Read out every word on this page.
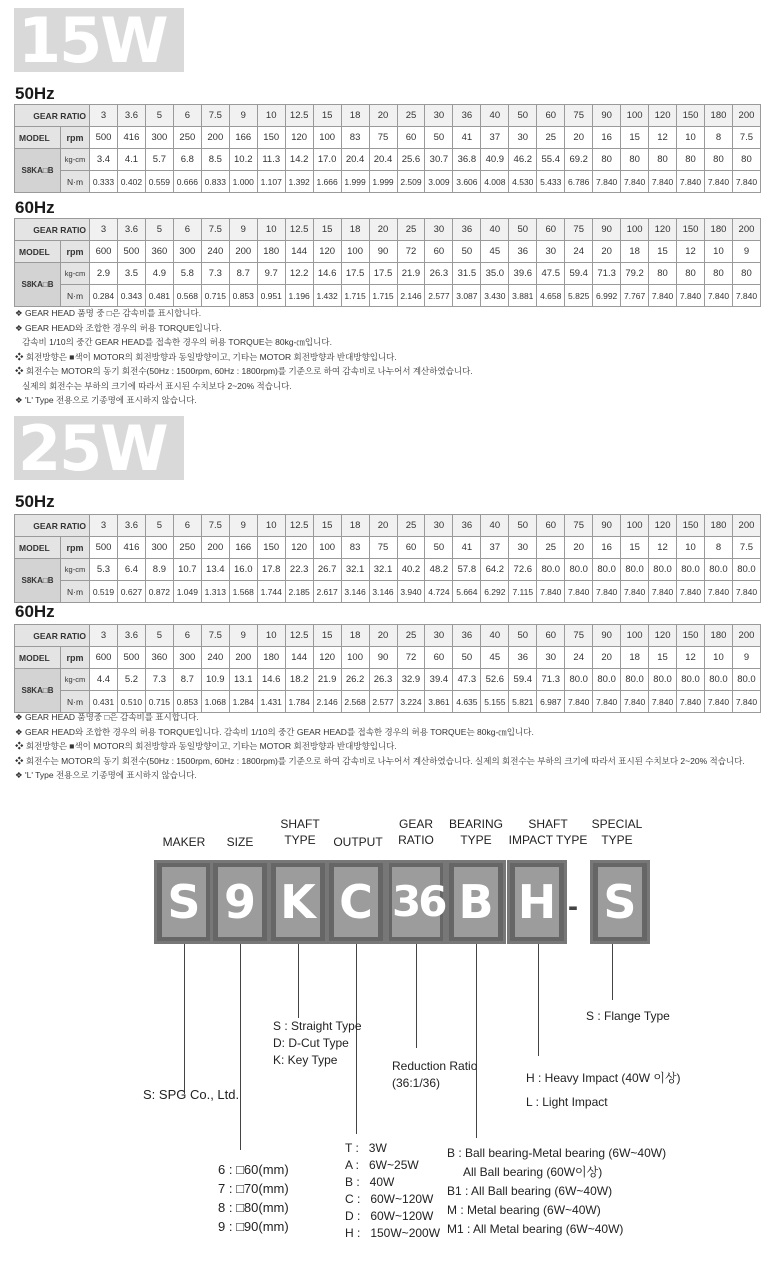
15W
50Hz
GEAR RATIO		3	3.6	5	6	7.5	9	10	12.5	15	18	20	25	30	36	40	50	60	75	90	100	120	150	180	200
MODEL	rpm	500	416	300	250	200	166	150	120	100	83	75	60	50	41	37	30	25	20	16	15	12	10	8	7.5
S8KA□B	kg-cm	3.4	4.1	5.7	6.8	8.5	10.2	11.3	14.2	17.0	20.4	20.4	25.6	30.7	36.8	40.9	46.2	55.4	69.2	80	80	80	80	80	80
	N·m	0.333	0.402	0.559	0.666	0.833	1.000	1.107	1.392	1.666	1.999	1.999	2.509	3.009	3.606	4.008	4.530	5.433	6.786	7.840	7.840	7.840	7.840	7.840	7.840
60Hz
GEAR RATIO		3	3.6	5	6	7.5	9	10	12.5	15	18	20	25	30	36	40	50	60	75	90	100	120	150	180	200
MODEL	rpm	600	500	360	300	240	200	180	144	120	100	90	72	60	50	45	36	30	24	20	18	15	12	10	9
S8KA□B	kg-cm	2.9	3.5	4.9	5.8	7.3	8.7	9.7	12.2	14.6	17.5	17.5	21.9	26.3	31.5	35.0	39.6	47.5	59.4	71.3	79.2	80	80	80	80
	N·m	0.284	0.343	0.481	0.568	0.715	0.853	0.951	1.196	1.432	1.715	1.715	2.146	2.577	3.087	3.430	3.881	4.658	5.825	6.992	7.767	7.840	7.840	7.840	7.840
❖ GEAR HEAD 품명 중 □은 감속비를 표시합니다.
❖ GEAR HEAD와 조합한 경우의 허용 TORQUE입니다.
감속비 1/10의 중간 GEAR HEAD를 접속한 경우의 허용 TORQUE는 80kg-㎝입니다.
❖ 회전방향은 ■색이 MOTOR의 회전방향과 동일방향이고, 기타는 MOTOR 회전방향과 반대방향입니다.
❖ 회전수는 MOTOR의 동기 회전수(50Hz : 1500rpm, 60Hz : 1800rpm)를 기준으로 하여 감속비로 나누어서 계산하였습니다.
실제의 회전수는 부하의 크기에 따라서 표시된 수치보다 2~20% 적습니다.
❖ 'L' Type 전용으로 기종명에 표시하지 않습니다.
25W
50Hz
GEAR RATIO		3	3.6	5	6	7.5	9	10	12.5	15	18	20	25	30	36	40	50	60	75	90	100	120	150	180	200
MODEL	rpm	500	416	300	250	200	166	150	120	100	83	75	60	50	41	37	30	25	20	16	15	12	10	8	7.5
S8KA□B	kg-cm	5.3	6.4	8.9	10.7	13.4	16.0	17.8	22.3	26.7	32.1	32.1	40.2	48.2	57.8	64.2	72.6	80.0	80.0	80.0	80.0	80.0	80.0	80.0	80.0
	N·m	0.519	0.627	0.872	1.049	1.313	1.568	1.744	2.185	2.617	3.146	3.146	3.940	4.724	5.664	6.292	7.115	7.840	7.840	7.840	7.840	7.840	7.840	7.840	7.840
60Hz
GEAR RATIO		3	3.6	5	6	7.5	9	10	12.5	15	18	20	25	30	36	40	50	60	75	90	100	120	150	180	200
MODEL	rpm	600	500	360	300	240	200	180	144	120	100	90	72	60	50	45	36	30	24	20	18	15	12	10	9
S8KA□B	kg-cm	4.4	5.2	7.3	8.7	10.9	13.1	14.6	18.2	21.9	26.2	26.3	32.9	39.4	47.3	52.6	59.4	71.3	80.0	80.0	80.0	80.0	80.0	80.0	80.0
	N·m	0.431	0.510	0.715	0.853	1.068	1.284	1.431	1.784	2.146	2.568	2.577	3.224	3.861	4.635	5.155	5.821	6.987	7.840	7.840	7.840	7.840	7.840	7.840	7.840
❖ GEAR HEAD 품명중 □은 감속비를 표시합니다.
❖ GEAR HEAD와 조합한 경우의 허용 TORQUE입니다. 감속비 1/10의 중간 GEAR HEAD를 접속한 경우의 허용 TORQUE는 80kg-㎝입니다.
❖ 회전방향은 ■색이 MOTOR의 회전방향과 동일방향이고, 기타는 MOTOR 회전방향과 반대방향입니다.
❖ 회전수는 MOTOR의 동기 회전수(50Hz : 1500rpm, 60Hz : 1800rpm)를 기준으로 하여 감속비로 나누어서 계산하였습니다. 실제의 회전수는 부하의 크기에 따라서 표시된 수치보다 2~20% 적습니다.
❖ 'L' Type 전용으로 기종명에 표시하지 않습니다.
MAKER	SIZE
SHAFT
TYPE	OUTPUT
GEAR
RATIO
BEARING
TYPE
SHAFT
IMPACT TYPE
SPECIAL
TYPE
S 9 K C 36 B H S
-
S: SPG Co., Ltd.
6 : □60(mm)
7 : □70(mm)
8 : □80(mm)
9 : □90(mm)
S : Straight Type
D: D-Cut Type
K: Key Type
T :   3W
A :   6W~25W
B :   40W
C :   60W~120W
D :   60W~120W
H :   150W~200W
Reduction Ratio
(36:1/36)
B : Ball bearing-Metal bearing (6W~40W)
All Ball bearing (60W이상)
B1 : All Ball bearing (6W~40W)
M : Metal bearing (6W~40W)
M1 : All Metal bearing (6W~40W)
H : Heavy Impact (40W 이상)
L : Light Impact
S : Flange Type
